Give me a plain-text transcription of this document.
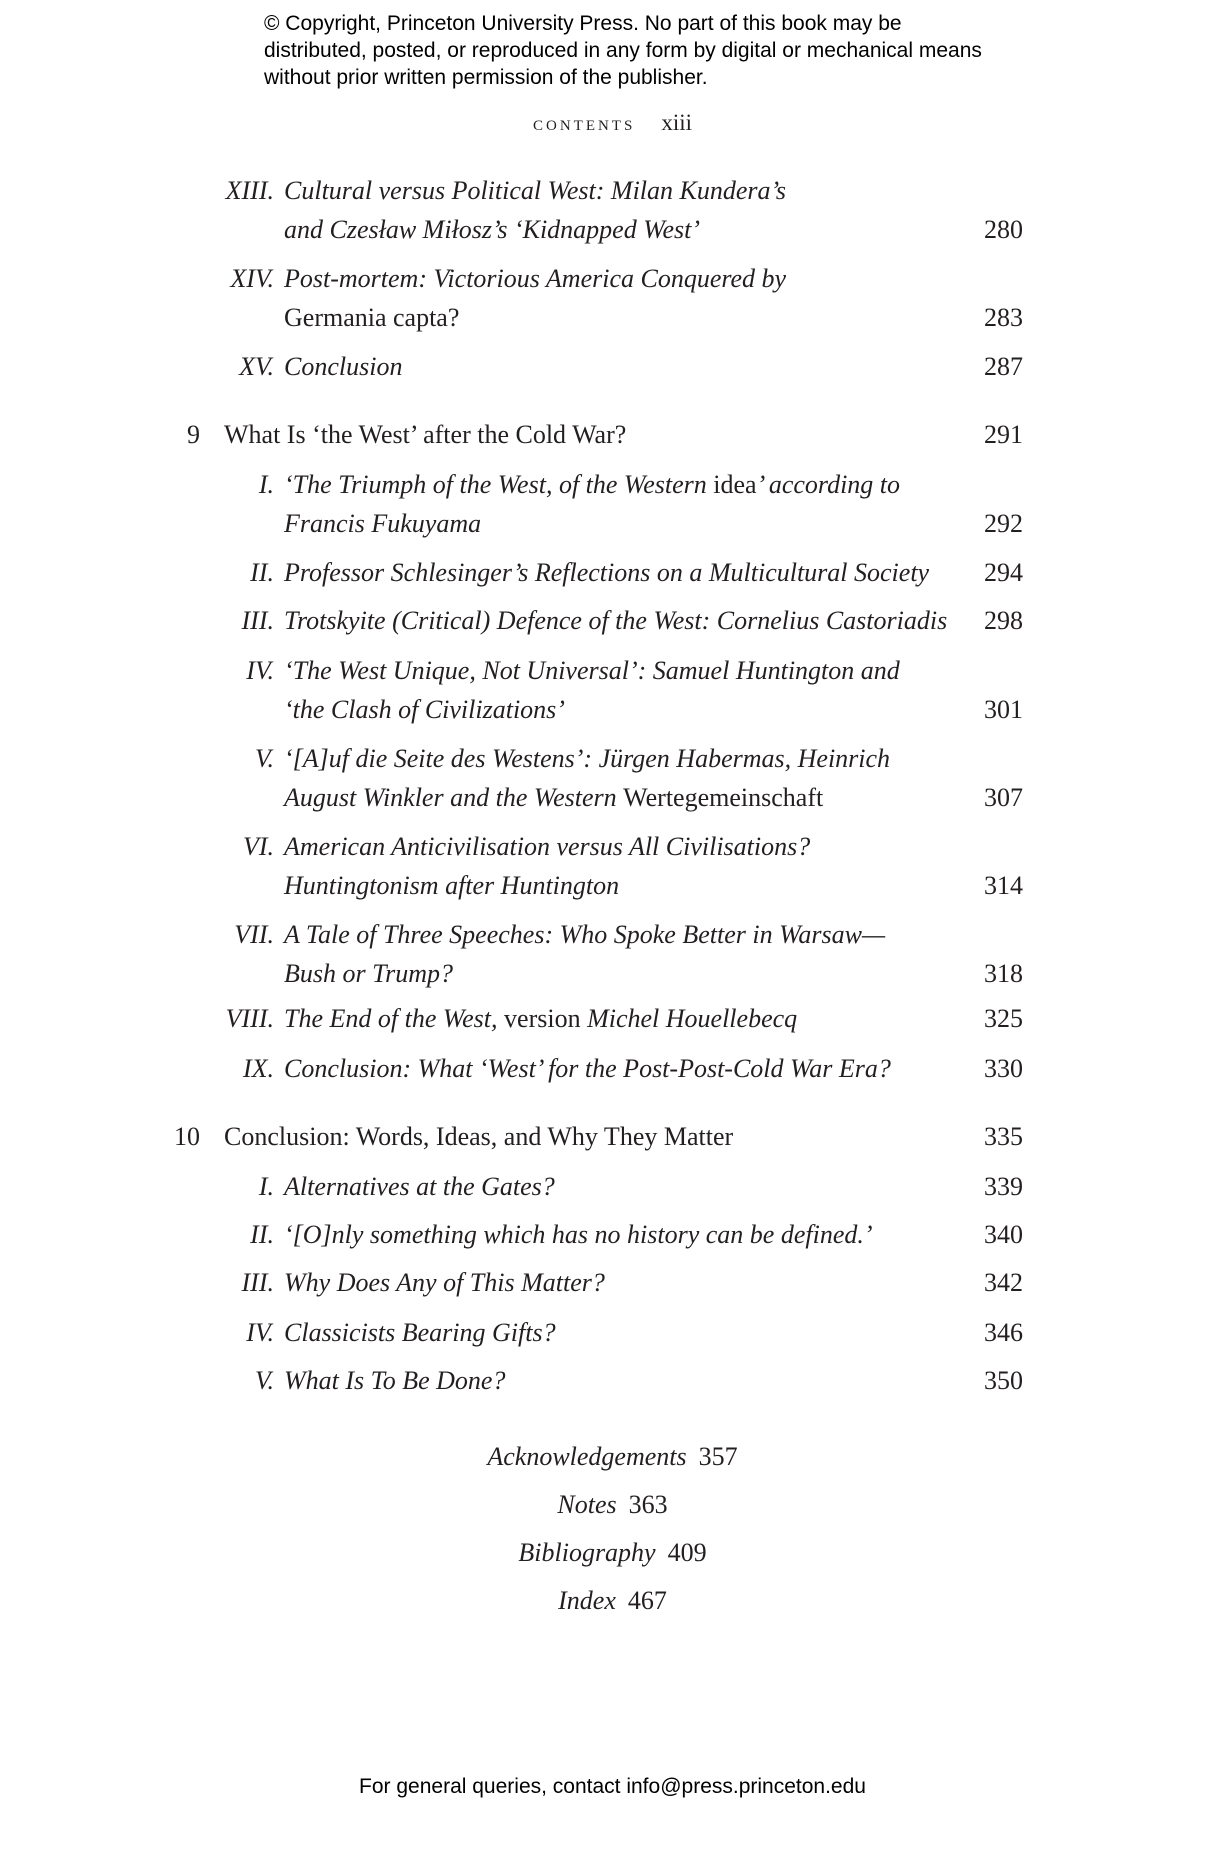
© Copyright, Princeton University Press. No part of this book may be distributed, posted, or reproduced in any form by digital or mechanical means without prior written permission of the publisher.
contents xiii
XIII. Cultural versus Political West: Milan Kundera’s
and Czesław Miłosz’s ‘Kidnapped West’	280
XIV. Post-mortem: Victorious America Conquered by
Germania capta?	283
XV. Conclusion	287
9 What Is ‘the West’ after the Cold War?	291
I. ‘The Triumph of the West, of the Western idea’ according to
Francis Fukuyama	292
II. Professor Schlesinger’s Reflections on a Multicultural Society	294
III. Trotskyite (Critical) Defence of the West: Cornelius Castoriadis	298
IV. ‘The West Unique, Not Universal’: Samuel Huntington and
‘the Clash of Civilizations’	301
V. ‘[A]uf die Seite des Westens’: Jürgen Habermas, Heinrich
August Winkler and the Western Wertegemeinschaft	307
VI. American Anticivilisation versus All Civilisations?
Huntingtonism after Huntington	314
VII. A Tale of Three Speeches: Who Spoke Better in Warsaw—
Bush or Trump?	318
VIII. The End of the West, version Michel Houellebecq	325
IX. Conclusion: What ‘West’ for the Post-Post-Cold War Era?	330
10 Conclusion: Words, Ideas, and Why They Matter	335
I. Alternatives at the Gates?	339
II. ‘[O]nly something which has no history can be defined.’	340
III. Why Does Any of This Matter?	342
IV. Classicists Bearing Gifts?	346
V. What Is To Be Done?	350
Acknowledgements 357
Notes 363
Bibliography 409
Index 467
For general queries, contact info@press.princeton.edu
